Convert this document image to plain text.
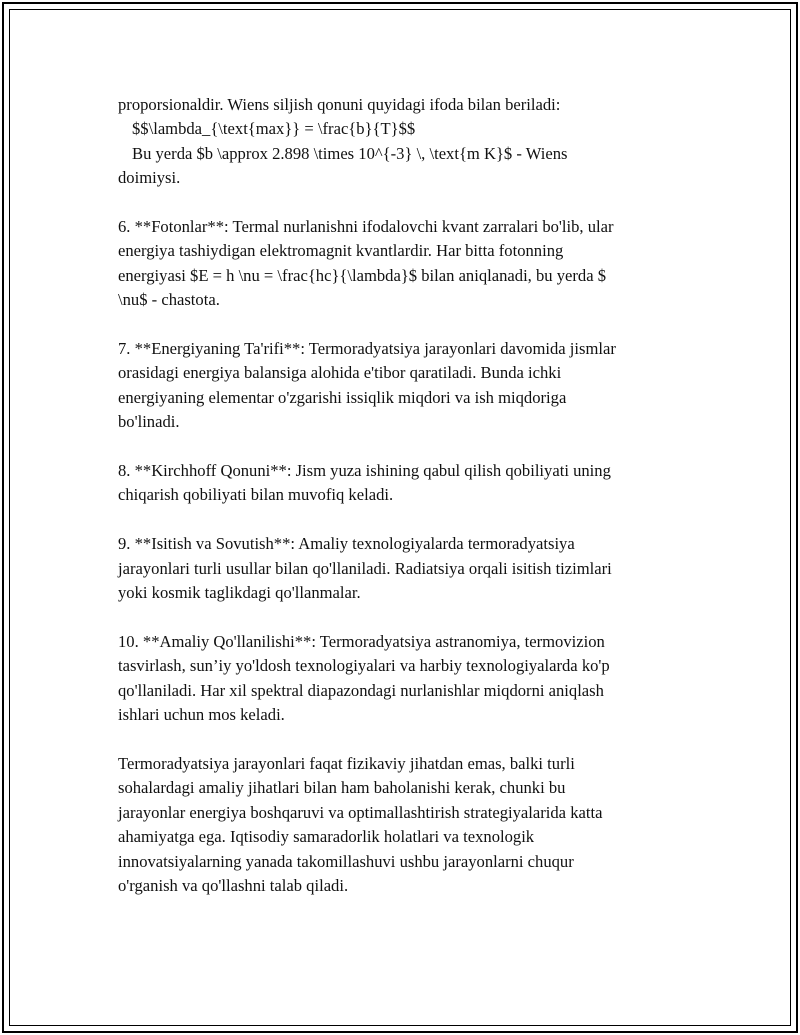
proporsionaldir. Wiens siljish qonuni quyidagi ifoda bilan beriladi:
$$\lambda_{\text{max}} = \frac{b}{T}$$
Bu yerda $b \approx 2.898 \times 10^{-3} \, \text{m K}$ - Wiens
doimiysi.

6. **Fotonlar**: Termal nurlanishni ifodalovchi kvant zarralari bo'lib, ular
energiya tashiydigan elektromagnit kvantlardir. Har bitta fotonning
energiyasi $E = h \nu = \frac{hc}{\lambda}$ bilan aniqlanadi, bu yerda $
\nu$ - chastota.

7. **Energiyaning Ta'rifi**: Termoradyatsiya jarayonlari davomida jismlar
orasidagi energiya balansiga alohida e'tibor qaratiladi. Bunda ichki
energiyaning elementar o'zgarishi issiqlik miqdori va ish miqdoriga
bo'linadi.

8. **Kirchhoff Qonuni**: Jism yuza ishining qabul qilish qobiliyati uning
chiqarish qobiliyati bilan muvofiq keladi.

9. **Isitish va Sovutish**: Amaliy texnologiyalarda termoradyatsiya
jarayonlari turli usullar bilan qo'llaniladi. Radiatsiya orqali isitish tizimlari
yoki kosmik taglikdagi qo'llanmalar.

10. **Amaliy Qo'llanilishi**: Termoradyatsiya astranomiya, termovizion
tasvirlash, sun’iy yo'ldosh texnologiyalari va harbiy texnologiyalarda ko'p
qo'llaniladi. Har xil spektral diapazondagi nurlanishlar miqdorni aniqlash
ishlari uchun mos keladi.

Termoradyatsiya jarayonlari faqat fizikaviy jihatdan emas, balki turli
sohalardagi amaliy jihatlari bilan ham baholanishi kerak, chunki bu
jarayonlar energiya boshqaruvi va optimallashtirish strategiyalarida katta
ahamiyatga ega. Iqtisodiy samaradorlik holatlari va texnologik
innovatsiyalarning yanada takomillashuvi ushbu jarayonlarni chuqur
o'rganish va qo'llashni talab qiladi.
